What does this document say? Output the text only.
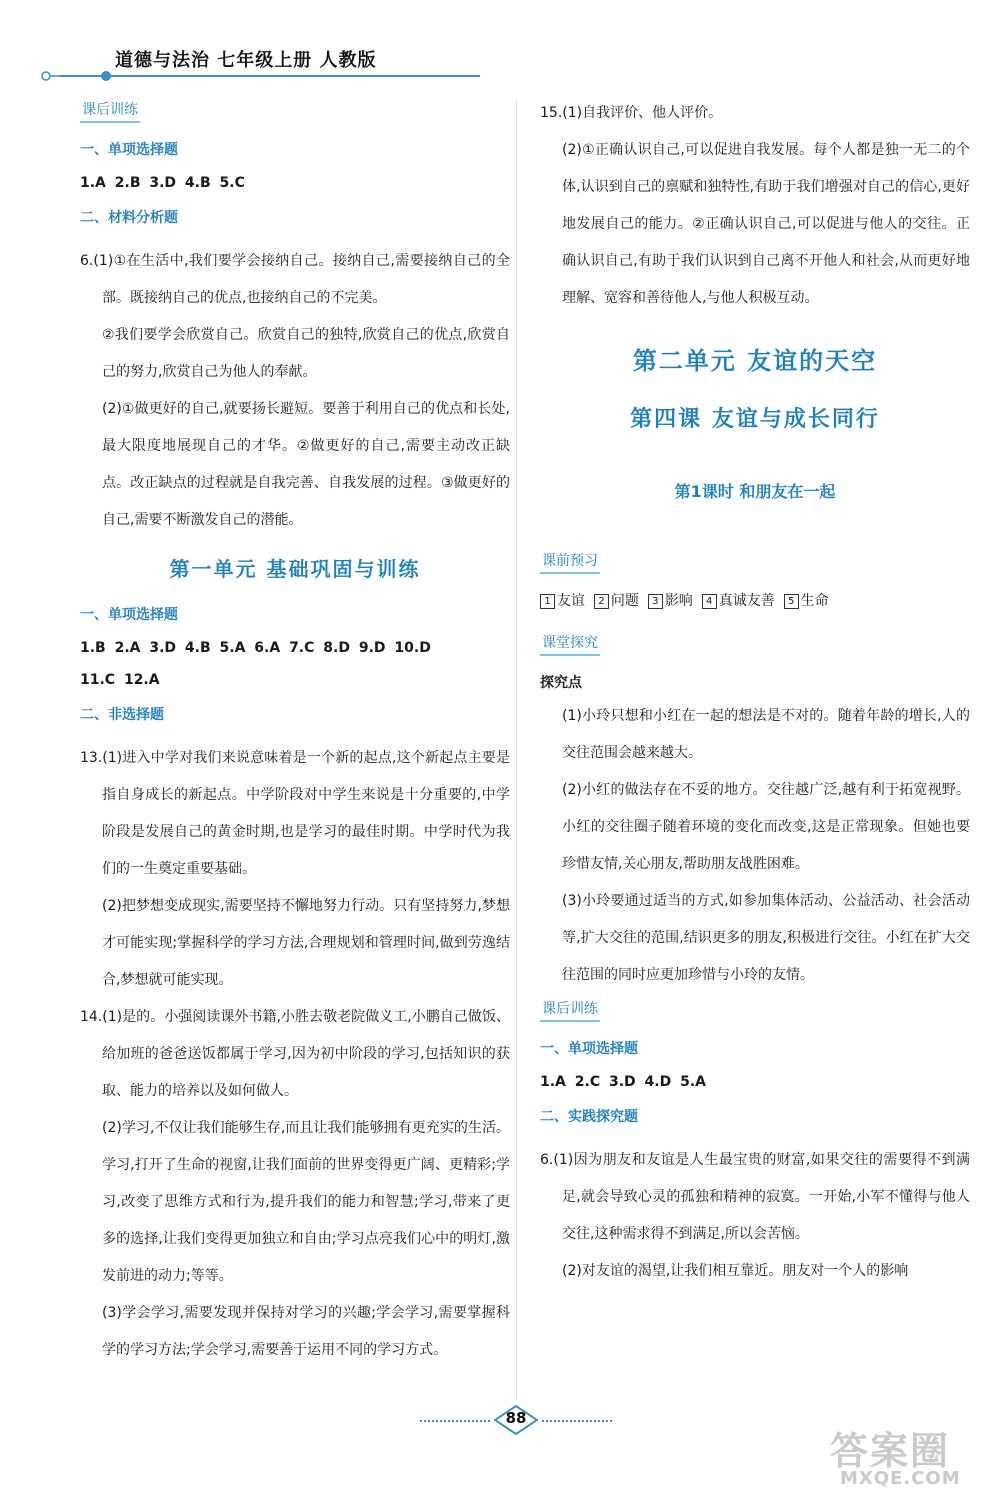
道德与法治 七年级上册 人教版
课后训练
一、单项选择题
1.A 2.B 3.D 4.B 5.C
二、材料分析题

6.(1)①在生活中,我们要学会接纳自己。接纳自己,需要接纳自己的全部。既接纳自己的优点,也接纳自己的不完美。

②我们要学会欣赏自己。欣赏自己的独特,欣赏自己的优点,欣赏自己的努力,欣赏自己为他人的奉献。

(2)①做更好的自己,就要扬长避短。要善于利用自己的优点和长处,最大限度地展现自己的才华。②做更好的自己,需要主动改正缺点。改正缺点的过程就是自我完善、自我发展的过程。③做更好的自己,需要不断激发自己的潜能。

第一单元 基础巩固与训练
一、单项选择题
1.B 2.A 3.D 4.B 5.A 6.A 7.C 8.D 9.D 10.D
11.C 12.A
二、非选择题

13.(1)进入中学对我们来说意味着是一个新的起点,这个新起点主要是指自身成长的新起点。中学阶段对中学生来说是十分重要的,中学阶段是发展自己的黄金时期,也是学习的最佳时期。中学时代为我们的一生奠定重要基础。

(2)把梦想变成现实,需要坚持不懈地努力行动。只有坚持努力,梦想才可能实现;掌握科学的学习方法,合理规划和管理时间,做到劳逸结合,梦想就可能实现。

14.(1)是的。小强阅读课外书籍,小胜去敬老院做义工,小鹏自己做饭、给加班的爸爸送饭都属于学习,因为初中阶段的学习,包括知识的获取、能力的培养以及如何做人。

(2)学习,不仅让我们能够生存,而且让我们能够拥有更充实的生活。学习,打开了生命的视窗,让我们面前的世界变得更广阔、更精彩;学习,改变了思维方式和行为,提升我们的能力和智慧;学习,带来了更多的选择,让我们变得更加独立和自由;学习点亮我们心中的明灯,激发前进的动力;等等。

(3)学会学习,需要发现并保持对学习的兴趣;学会学习,需要掌握科学的学习方法;学会学习,需要善于运用不同的学习方式。

15.(1)自我评价、他人评价。

(2)①正确认识自己,可以促进自我发展。每个人都是独一无二的个体,认识到自己的禀赋和独特性,有助于我们增强对自己的信心,更好地发展自己的能力。②正确认识自己,可以促进与他人的交往。正确认识自己,有助于我们认识到自己离不开他人和社会,从而更好地理解、宽容和善待他人,与他人积极互动。

第二单元 友谊的天空
第四课 友谊与成长同行
第1课时 和朋友在一起
课前预习
1 友谊 2 问题 3 影响 4 真诚友善 5 生命
课堂探究
探究点

(1)小玲只想和小红在一起的想法是不对的。随着年龄的增长,人的交往范围会越来越大。

(2)小红的做法存在不妥的地方。交往越广泛,越有利于拓宽视野。小红的交往圈子随着环境的变化而改变,这是正常现象。但她也要珍惜友情,关心朋友,帮助朋友战胜困难。

(3)小玲要通过适当的方式,如参加集体活动、公益活动、社会活动等,扩大交往的范围,结识更多的朋友,积极进行交往。小红在扩大交往范围的同时应更加珍惜与小玲的友情。

课后训练
一、单项选择题
1.A 2.C 3.D 4.D 5.A
二、实践探究题

6.(1)因为朋友和友谊是人生最宝贵的财富,如果交往的需要得不到满足,就会导致心灵的孤独和精神的寂寞。一开始,小军不懂得与他人交往,这种需求得不到满足,所以会苦恼。

(2)对友谊的渴望,让我们相互靠近。朋友对一个人的影响

88
答案圈
MXQE.COM
